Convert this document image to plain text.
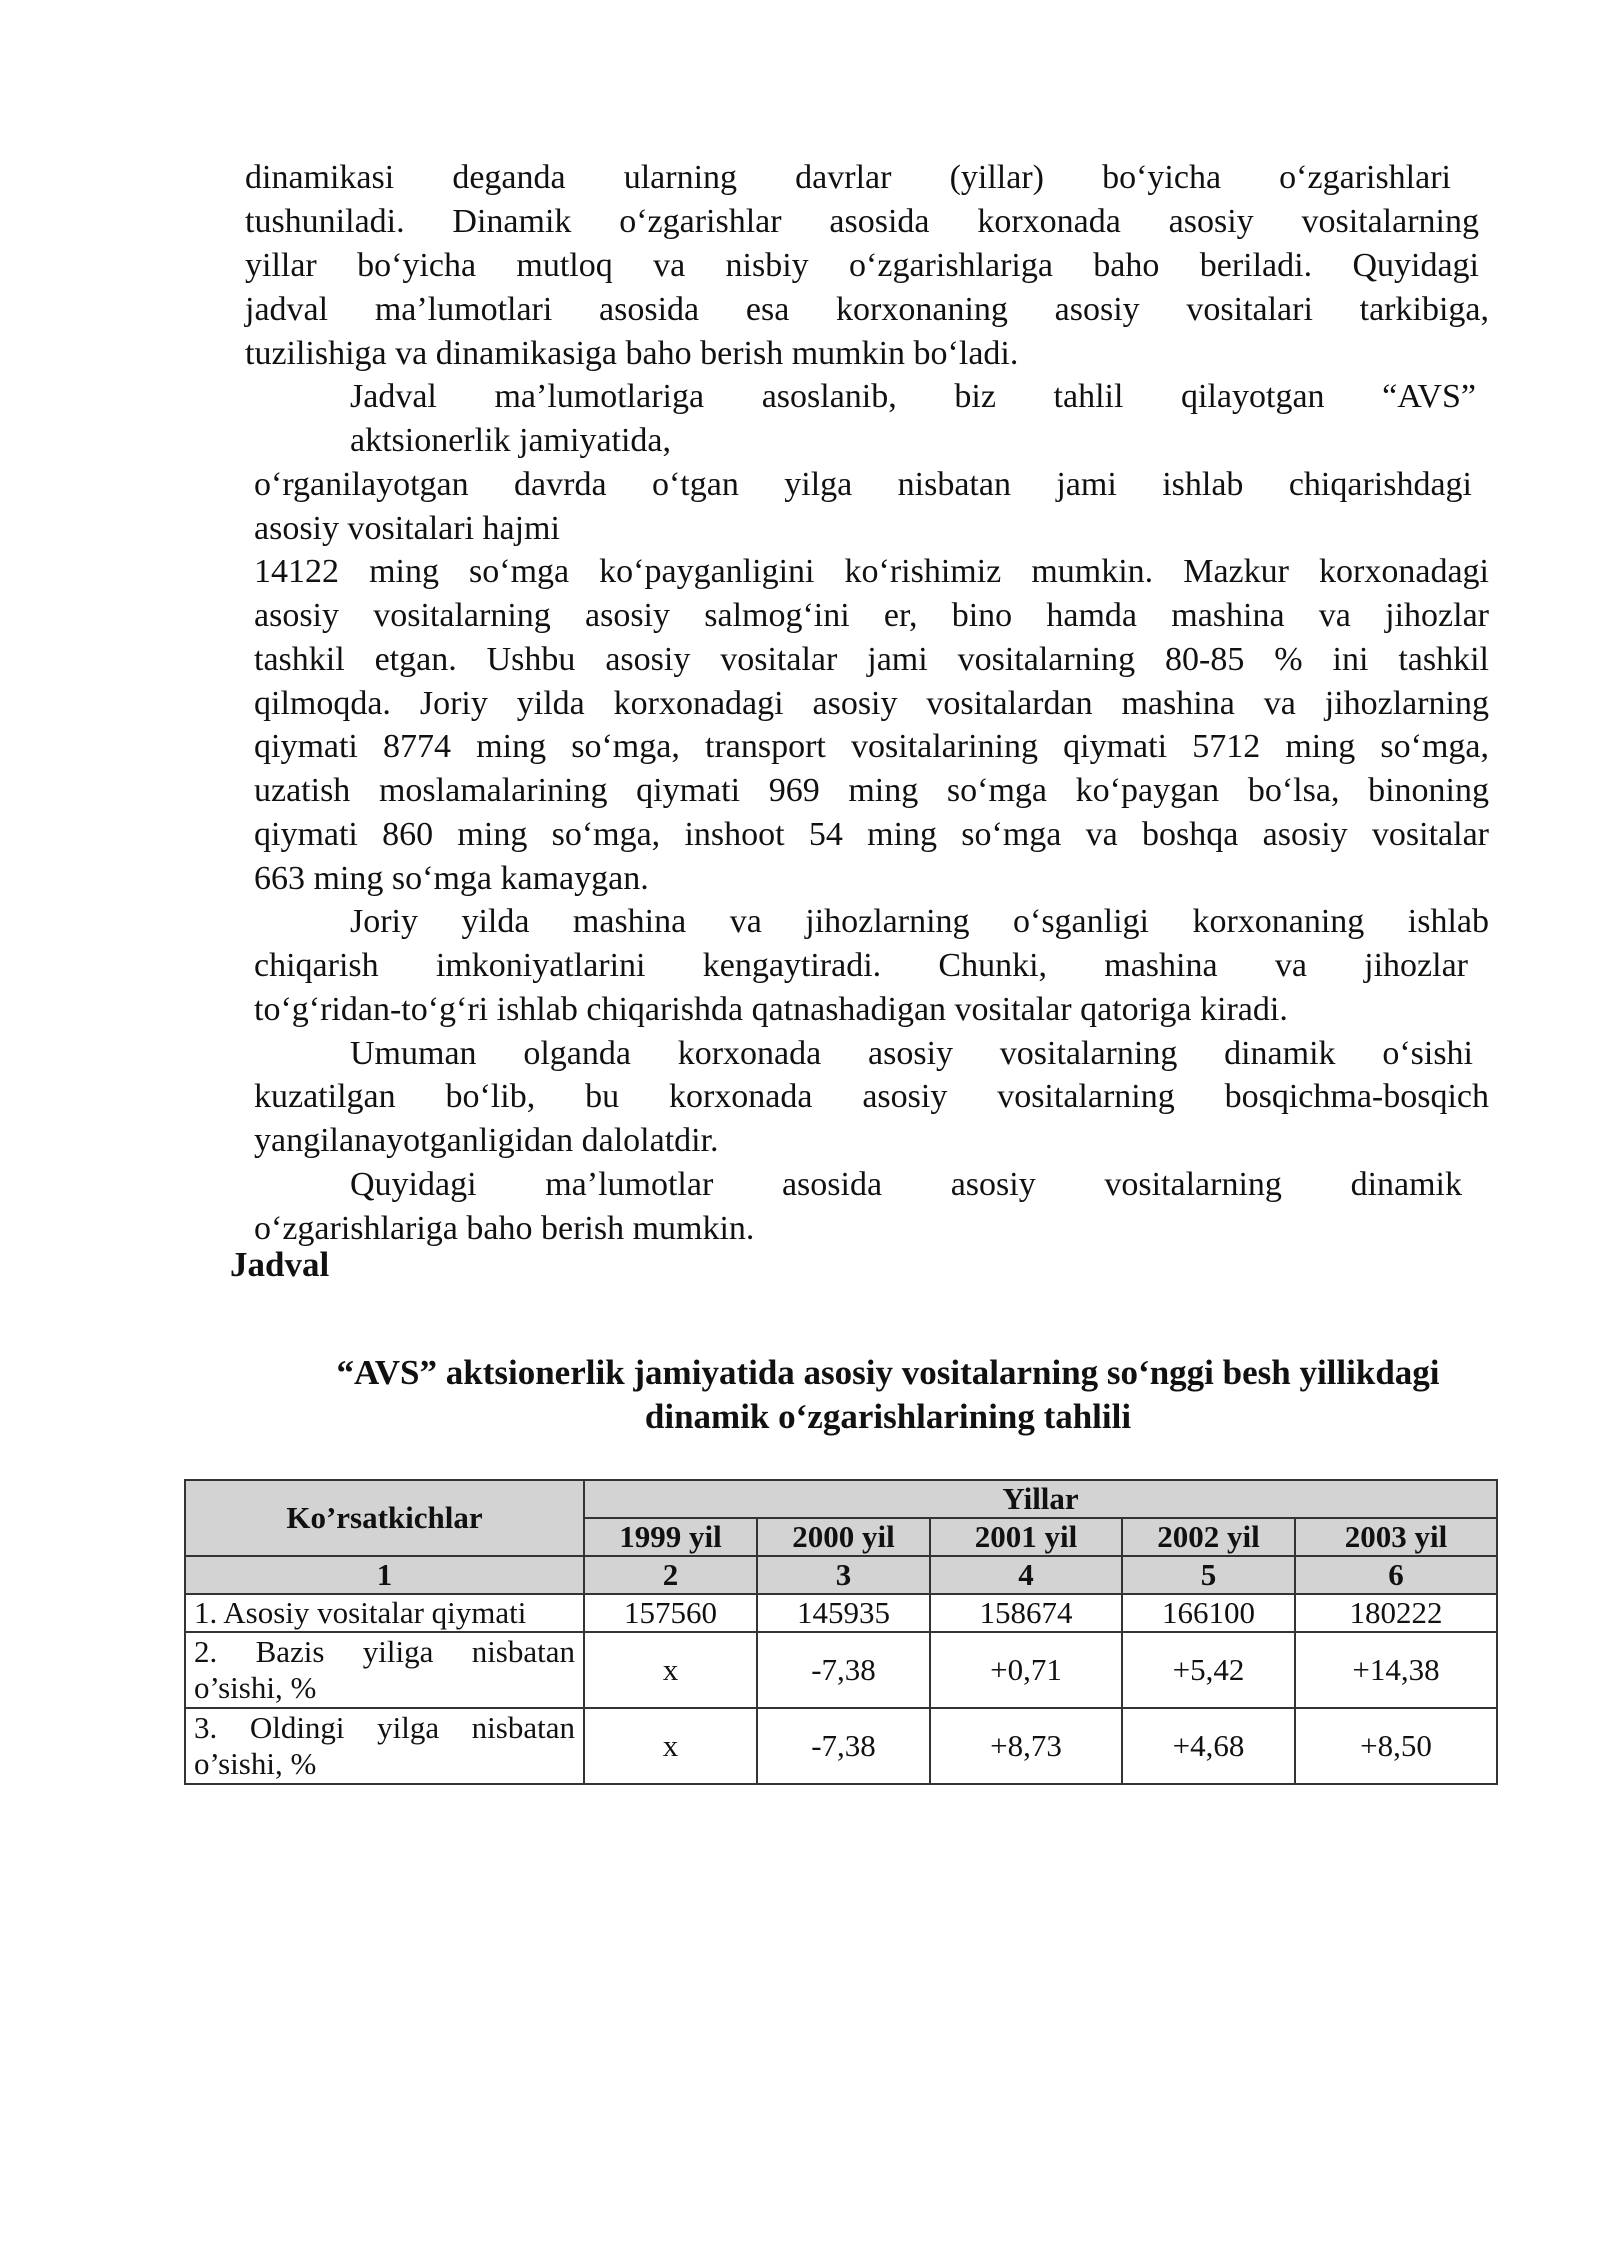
dinamikasi deganda ularning davrlar (yillar) bo‘yicha o‘zgarishlari
tushuniladi. Dinamik o‘zgarishlar asosida korxonada asosiy vositalarning
yillar bo‘yicha mutloq va nisbiy o‘zgarishlariga baho beriladi. Quyidagi
jadval ma’lumotlari asosida esa korxonaning asosiy vositalari tarkibiga,
tuzilishiga va dinamikasiga baho berish mumkin bo‘ladi.
Jadval ma’lumotlariga asoslanib, biz tahlil qilayotgan “AVS”
aktsionerlik jamiyatida,
o‘rganilayotgan davrda o‘tgan yilga nisbatan jami ishlab chiqarishdagi
asosiy vositalari hajmi
14122 ming so‘mga ko‘payganligini ko‘rishimiz mumkin. Mazkur korxonadagi
asosiy vositalarning asosiy salmog‘ini er, bino hamda mashina va jihozlar
tashkil etgan. Ushbu asosiy vositalar jami vositalarning 80-85 % ini tashkil
qilmoqda. Joriy yilda korxonadagi asosiy vositalardan mashina va jihozlarning
qiymati 8774 ming so‘mga, transport vositalarining qiymati 5712 ming so‘mga,
uzatish moslamalarining qiymati 969 ming so‘mga ko‘paygan bo‘lsa, binoning
qiymati 860 ming so‘mga, inshoot 54 ming so‘mga va boshqa asosiy vositalar
663 ming so‘mga kamaygan.
Joriy yilda mashina va jihozlarning o‘sganligi korxonaning ishlab
chiqarish imkoniyatlarini kengaytiradi. Chunki, mashina va jihozlar
to‘g‘ridan-to‘g‘ri ishlab chiqarishda qatnashadigan vositalar qatoriga kiradi.
Umuman olganda korxonada asosiy vositalarning dinamik o‘sishi
kuzatilgan bo‘lib, bu korxonada asosiy vositalarning bosqichma-bosqich
yangilanayotganligidan dalolatdir.
Quyidagi ma’lumotlar asosida asosiy vositalarning dinamik
o‘zgarishlariga baho berish mumkin.
Jadval
“AVS” aktsionerlik jamiyatida asosiy vositalarning so‘nggi besh yillikdagi
dinamik o‘zgarishlarining tahlili
Ko’rsatkichlar	Yillar				
	1999 yil	2000 yil	2001 yil	2002 yil	2003 yil
1	2	3	4	5	6
1. Asosiy vositalar qiymati	157560	145935	158674	166100	180222
2. Bazis yiliga nisbatan o’sishi, %	x	-7,38	+0,71	+5,42	+14,38
3. Oldingi yilga nisbatan o’sishi, %	x	-7,38	+8,73	+4,68	+8,50
